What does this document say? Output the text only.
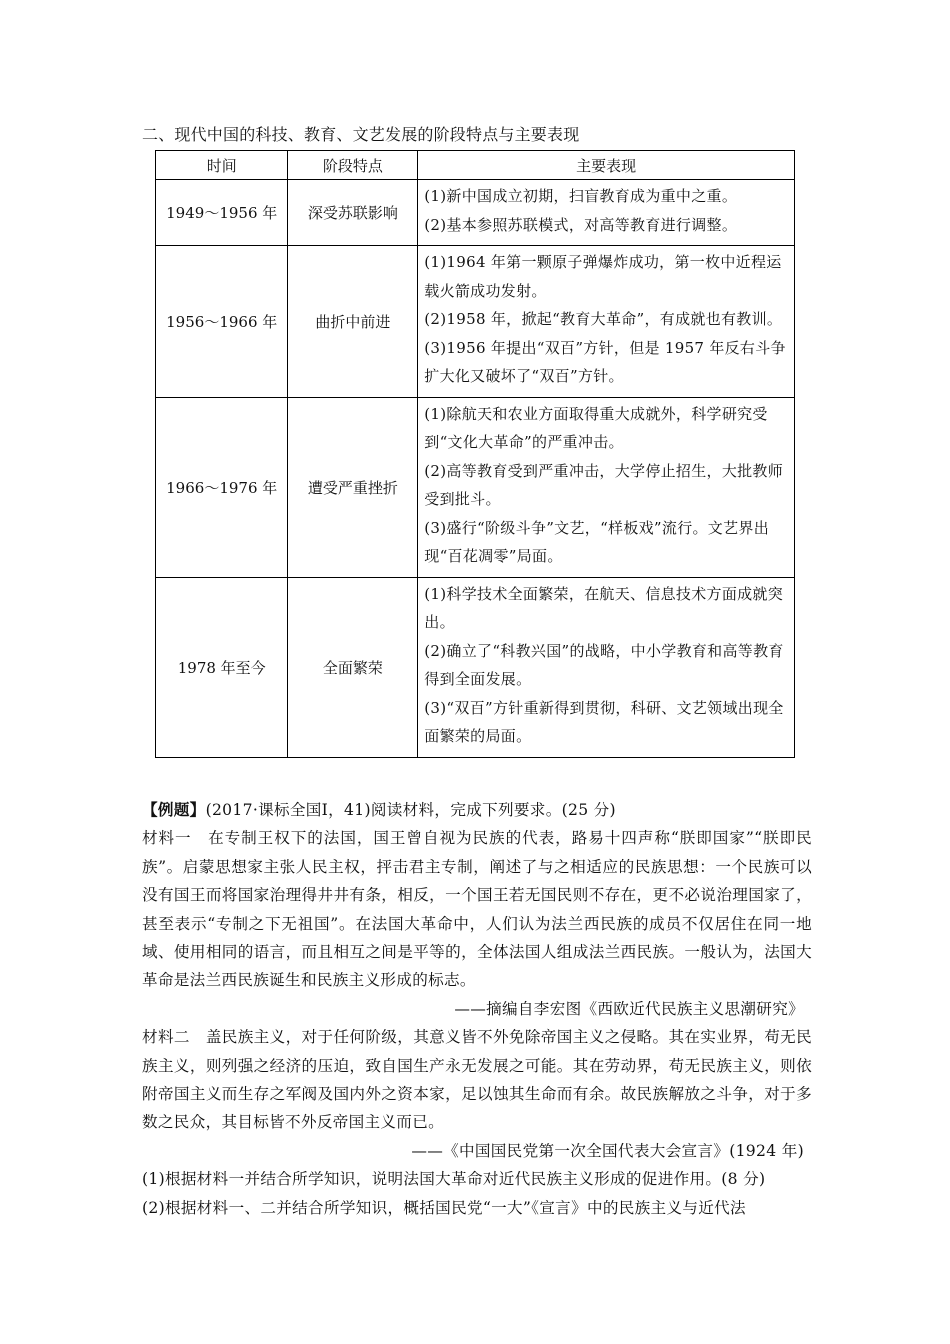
二、现代中国的科技、教育、文艺发展的阶段特点与主要表现
时间	阶段特点	主要表现
1949～1956 年	深受苏联影响	(1)新中国成立初期，扫盲教育成为重中之重。

(2)基本参照苏联模式，对高等教育进行调整。

1956～1966 年	曲折中前进	(1)1964 年第一颗原子弹爆炸成功，第一枚中近程运载火箭成功发射。

(2)1958 年，掀起“教育大革命”，有成就也有教训。

(3)1956 年提出“双百”方针，但是 1957 年反右斗争扩大化又破坏了“双百”方针。

1966～1976 年	遭受严重挫折	(1)除航天和农业方面取得重大成就外，科学研究受到“文化大革命”的严重冲击。

(2)高等教育受到严重冲击，大学停止招生，大批教师受到批斗。

(3)盛行“阶级斗争”文艺，“样板戏”流行。文艺界出现“百花凋零”局面。

1978 年至今	全面繁荣	(1)科学技术全面繁荣，在航天、信息技术方面成就突出。

(2)确立了“科教兴国”的战略，中小学教育和高等教育得到全面发展。

(3)“双百”方针重新得到贯彻，科研、文艺领域出现全面繁荣的局面。

【例题】(2017·课标全国Ⅰ，41)阅读材料，完成下列要求。(25 分)

材料一　在专制王权下的法国，国王曾自视为民族的代表，路易十四声称“朕即国家”“朕即民族”。启蒙思想家主张人民主权，抨击君主专制，阐述了与之相适应的民族思想：一个民族可以没有国王而将国家治理得井井有条，相反，一个国王若无国民则不存在，更不必说治理国家了，甚至表示“专制之下无祖国”。在法国大革命中，人们认为法兰西民族的成员不仅居住在同一地域、使用相同的语言，而且相互之间是平等的，全体法国人组成法兰西民族。一般认为，法国大革命是法兰西民族诞生和民族主义形成的标志。

——摘编自李宏图《西欧近代民族主义思潮研究》

材料二　盖民族主义，对于任何阶级，其意义皆不外免除帝国主义之侵略。其在实业界，苟无民族主义，则列强之经济的压迫，致自国生产永无发展之可能。其在劳动界，苟无民族主义，则依附帝国主义而生存之军阀及国内外之资本家，足以蚀其生命而有余。故民族解放之斗争，对于多数之民众，其目标皆不外反帝国主义而已。

——《中国国民党第一次全国代表大会宣言》(1924 年)

(1)根据材料一并结合所学知识，说明法国大革命对近代民族主义形成的促进作用。(8 分)

(2)根据材料一、二并结合所学知识，概括国民党“一大”《宣言》中的民族主义与近代法
